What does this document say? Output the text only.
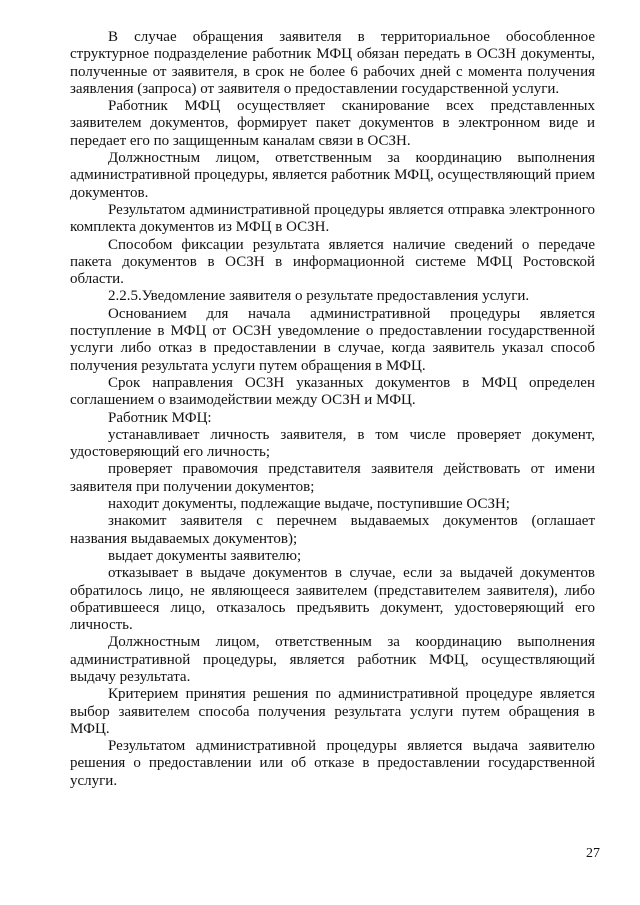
В случае обращения заявителя в территориальное обособленное структурное подразделение работник МФЦ обязан передать в ОСЗН документы, полученные от заявителя, в срок не более 6 рабочих дней с момента получения заявления (запроса) от заявителя о предоставлении государственной услуги.

Работник МФЦ осуществляет сканирование всех представленных заявителем документов, формирует пакет документов в электронном виде и передает его по защищенным каналам связи в ОСЗН.

Должностным лицом, ответственным за координацию выполнения административной процедуры, является работник МФЦ, осуществляющий прием документов.

Результатом административной процедуры является отправка электронного комплекта документов из МФЦ в ОСЗН.

Способом фиксации результата является наличие сведений о передаче пакета документов в ОСЗН в информационной системе МФЦ Ростовской области.

2.2.5.Уведомление заявителя о результате предоставления услуги.

Основанием для начала административной процедуры является поступление в МФЦ от ОСЗН уведомление о предоставлении государственной услуги либо отказ в предоставлении в случае, когда заявитель указал способ получения результата услуги путем обращения в МФЦ.

Срок направления ОСЗН указанных документов в МФЦ определен соглашением о взаимодействии между ОСЗН и МФЦ.

Работник МФЦ:

устанавливает личность заявителя, в том числе проверяет документ, удостоверяющий его личность;

проверяет правомочия представителя заявителя действовать от имени заявителя при получении документов;

находит документы, подлежащие выдаче, поступившие ОСЗН;

знакомит заявителя с перечнем выдаваемых документов (оглашает названия выдаваемых документов);

выдает документы заявителю;

отказывает в выдаче документов в случае, если за выдачей документов обратилось лицо, не являющееся заявителем (представителем заявителя), либо обратившееся лицо, отказалось предъявить документ, удостоверяющий его личность.

Должностным лицом, ответственным за координацию выполнения административной процедуры, является работник МФЦ, осуществляющий выдачу результата.

Критерием принятия решения по административной процедуре является выбор заявителем способа получения результата услуги путем обращения в МФЦ.

Результатом административной процедуры является выдача заявителю решения о предоставлении или об отказе в предоставлении государственной услуги.

27
